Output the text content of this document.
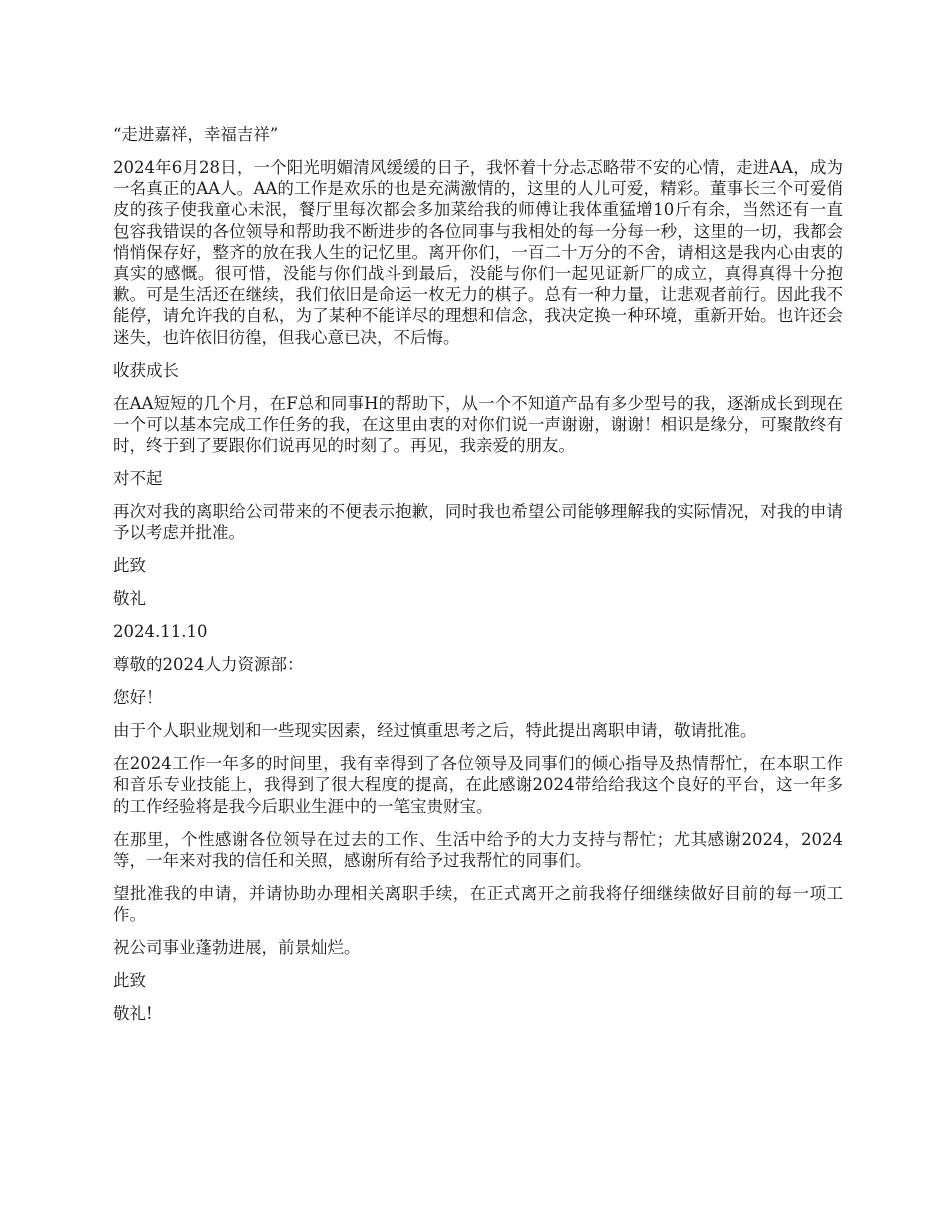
“走进嘉祥，幸福吉祥”

2024年6月28日，一个阳光明媚清风缓缓的日子，我怀着十分忐忑略带不安的心情，走进AA，成为一名真正的AA人。AA的工作是欢乐的也是充满激情的，这里的人儿可爱，精彩。董事长三个可爱俏皮的孩子使我童心未泯，餐厅里每次都会多加菜给我的师傅让我体重猛增10斤有余，当然还有一直包容我错误的各位领导和帮助我不断进步的各位同事与我相处的每一分每一秒，这里的一切，我都会悄悄保存好，整齐的放在我人生的记忆里。离开你们，一百二十万分的不舍，请相这是我内心由衷的真实的感慨。很可惜，没能与你们战斗到最后，没能与你们一起见证新厂的成立，真得真得十分抱歉。可是生活还在继续，我们依旧是命运一枚无力的棋子。总有一种力量，让悲观者前行。因此我不能停，请允许我的自私，为了某种不能详尽的理想和信念，我决定换一种环境，重新开始。也许还会迷失，也许依旧彷徨，但我心意已决，不后悔。

收获成长

在AA短短的几个月，在F总和同事H的帮助下，从一个不知道产品有多少型号的我，逐渐成长到现在一个可以基本完成工作任务的我，在这里由衷的对你们说一声谢谢，谢谢！相识是缘分，可聚散终有时，终于到了要跟你们说再见的时刻了。再见，我亲爱的朋友。

对不起

再次对我的离职给公司带来的不便表示抱歉，同时我也希望公司能够理解我的实际情况，对我的申请予以考虑并批准。

此致

敬礼

2024.11.10

尊敬的2024人力资源部：

您好！

由于个人职业规划和一些现实因素，经过慎重思考之后，特此提出离职申请，敬请批准。

在2024工作一年多的时间里，我有幸得到了各位领导及同事们的倾心指导及热情帮忙，在本职工作和音乐专业技能上，我得到了很大程度的提高，在此感谢2024带给给我这个良好的平台，这一年多的工作经验将是我今后职业生涯中的一笔宝贵财宝。

在那里，个性感谢各位领导在过去的工作、生活中给予的大力支持与帮忙；尤其感谢2024，2024等，一年来对我的信任和关照，感谢所有给予过我帮忙的同事们。

望批准我的申请，并请协助办理相关离职手续，在正式离开之前我将仔细继续做好目前的每一项工作。

祝公司事业蓬勃进展，前景灿烂。

此致

敬礼!
